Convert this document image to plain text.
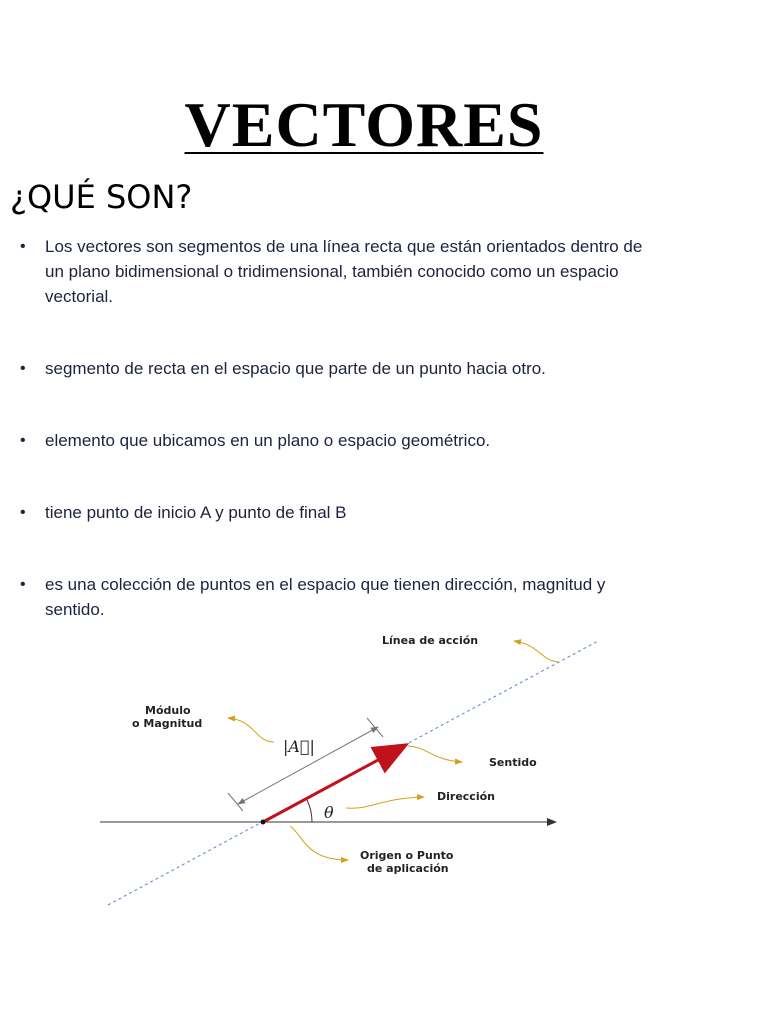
VECTORES
¿QUÉ SON?
• Los vectores son segmentos de una línea recta que están orientados dentro de un plano bidimensional o tridimensional, también conocido como un espacio vectorial.
• segmento de recta en el espacio que parte de un punto hacia otro.
• elemento que ubicamos en un plano o espacio geométrico.
• tiene punto de inicio A y punto de final B
• es una colección de puntos en el espacio que tienen dirección, magnitud y sentido.
Línea de acción
Módulo
o Magnitud
|A⃗|
Sentido
Dirección
θ
Origen o Punto
de aplicación
